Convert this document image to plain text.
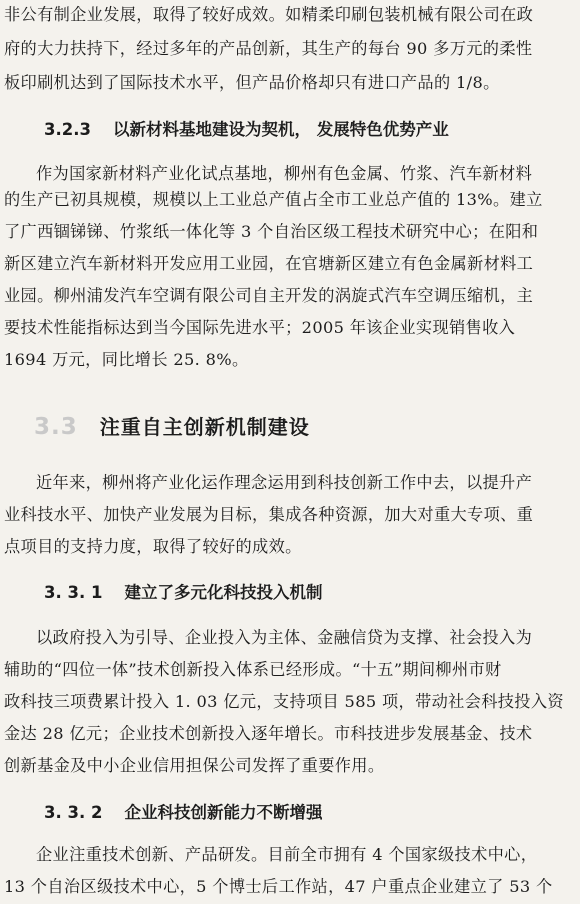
非公有制企业发展，取得了较好成效。如精柔印刷包装机械有限公司在政
府的大力扶持下，经过多年的产品创新，其生产的每台 90 多万元的柔性
板印刷机达到了国际技术水平，但产品价格却只有进口产品的 1/8。
3.2.3 以新材料基地建设为契机， 发展特色优势产业
作为国家新材料产业化试点基地，柳州有色金属、竹浆、汽车新材料
的生产已初具规模，规模以上工业总产值占全市工业总产值的 13%。建立
了广西锢锑锑、竹浆纸一体化等 3 个自治区级工程技术研究中心；在阳和
新区建立汽车新材料开发应用工业园，在官塘新区建立有色金属新材料工
业园。柳州浦发汽车空调有限公司自主开发的涡旋式汽车空调压缩机，主
要技术性能指标达到当今国际先进水平；2005 年该企业实现销售收入
1694 万元，同比增长 25. 8%。
3.3 注重自主创新机制建设
近年来，柳州将产业化运作理念运用到科技创新工作中去，以提升产
业科技水平、加快产业发展为目标，集成各种资源，加大对重大专项、重
点项目的支持力度，取得了较好的成效。
3. 3. 1 建立了多元化科技投入机制
以政府投入为引导、企业投入为主体、金融信贷为支撑、社会投入为
辅助的“四位一体”技术创新投入体系已经形成。“十五”期间柳州市财
政科技三项费累计投入 1. 03 亿元，支持项目 585 项，带动社会科技投入资
金达 28 亿元；企业技术创新投入逐年增长。市科技进步发展基金、技术
创新基金及中小企业信用担保公司发挥了重要作用。
3. 3. 2 企业科技创新能力不断增强
企业注重技术创新、产品研发。目前全市拥有 4 个国家级技术中心，
13 个自治区级技术中心，5 个博士后工作站，47 户重点企业建立了 53 个
